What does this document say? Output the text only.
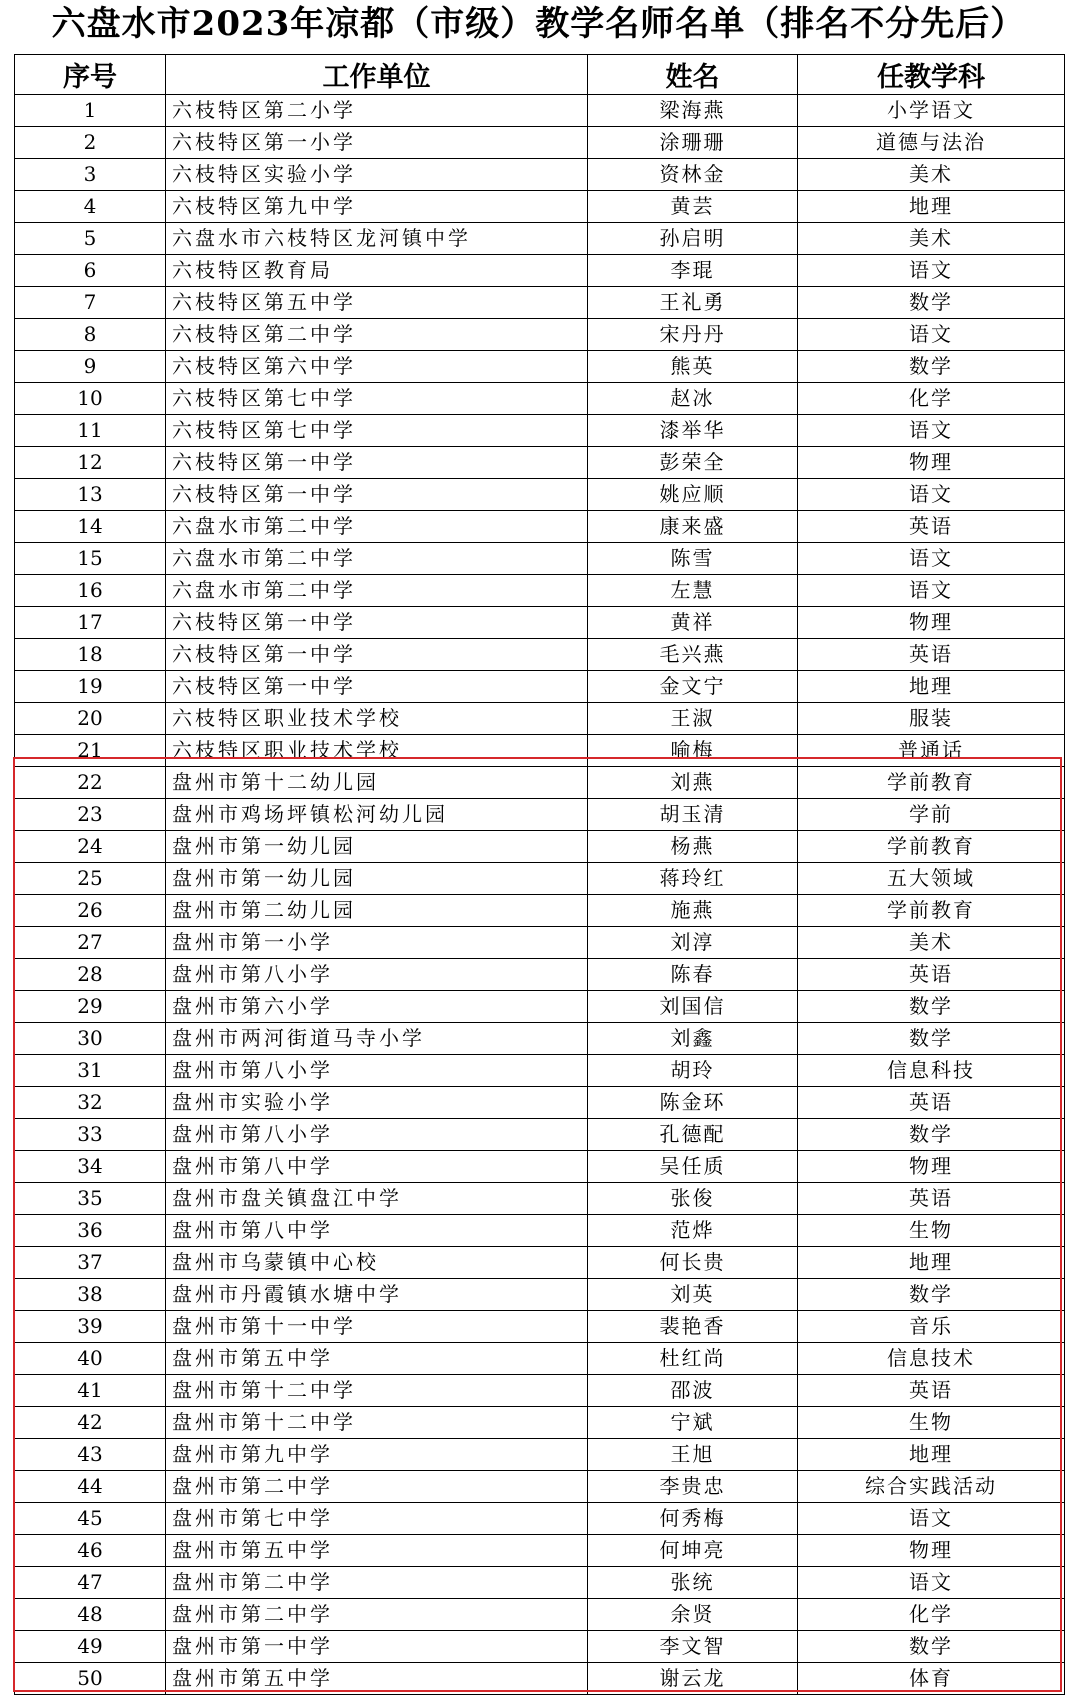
六盘水市2023年凉都（市级）教学名师名单（排名不分先后）
序号	工作单位	姓名	任教学科
1	六枝特区第二小学	梁海燕	小学语文
2	六枝特区第一小学	涂珊珊	道德与法治
3	六枝特区实验小学	资林金	美术
4	六枝特区第九中学	黄芸	地理
5	六盘水市六枝特区龙河镇中学	孙启明	美术
6	六枝特区教育局	李琨	语文
7	六枝特区第五中学	王礼勇	数学
8	六枝特区第二中学	宋丹丹	语文
9	六枝特区第六中学	熊英	数学
10	六枝特区第七中学	赵冰	化学
11	六枝特区第七中学	漆举华	语文
12	六枝特区第一中学	彭荣全	物理
13	六枝特区第一中学	姚应顺	语文
14	六盘水市第二中学	康来盛	英语
15	六盘水市第二中学	陈雪	语文
16	六盘水市第二中学	左慧	语文
17	六枝特区第一中学	黄祥	物理
18	六枝特区第一中学	毛兴燕	英语
19	六枝特区第一中学	金文宁	地理
20	六枝特区职业技术学校	王淑	服装
21	六枝特区职业技术学校	喻梅	普通话
22	盘州市第十二幼儿园	刘燕	学前教育
23	盘州市鸡场坪镇松河幼儿园	胡玉清	学前
24	盘州市第一幼儿园	杨燕	学前教育
25	盘州市第一幼儿园	蒋玲红	五大领域
26	盘州市第二幼儿园	施燕	学前教育
27	盘州市第一小学	刘淳	美术
28	盘州市第八小学	陈春	英语
29	盘州市第六小学	刘国信	数学
30	盘州市两河街道马寺小学	刘鑫	数学
31	盘州市第八小学	胡玲	信息科技
32	盘州市实验小学	陈金环	英语
33	盘州市第八小学	孔德配	数学
34	盘州市第八中学	吴任质	物理
35	盘州市盘关镇盘江中学	张俊	英语
36	盘州市第八中学	范烨	生物
37	盘州市乌蒙镇中心校	何长贵	地理
38	盘州市丹霞镇水塘中学	刘英	数学
39	盘州市第十一中学	裴艳香	音乐
40	盘州市第五中学	杜红尚	信息技术
41	盘州市第十二中学	邵波	英语
42	盘州市第十二中学	宁斌	生物
43	盘州市第九中学	王旭	地理
44	盘州市第二中学	李贵忠	综合实践活动
45	盘州市第七中学	何秀梅	语文
46	盘州市第五中学	何坤亮	物理
47	盘州市第二中学	张统	语文
48	盘州市第二中学	余贤	化学
49	盘州市第一中学	李文智	数学
50	盘州市第五中学	谢云龙	体育
